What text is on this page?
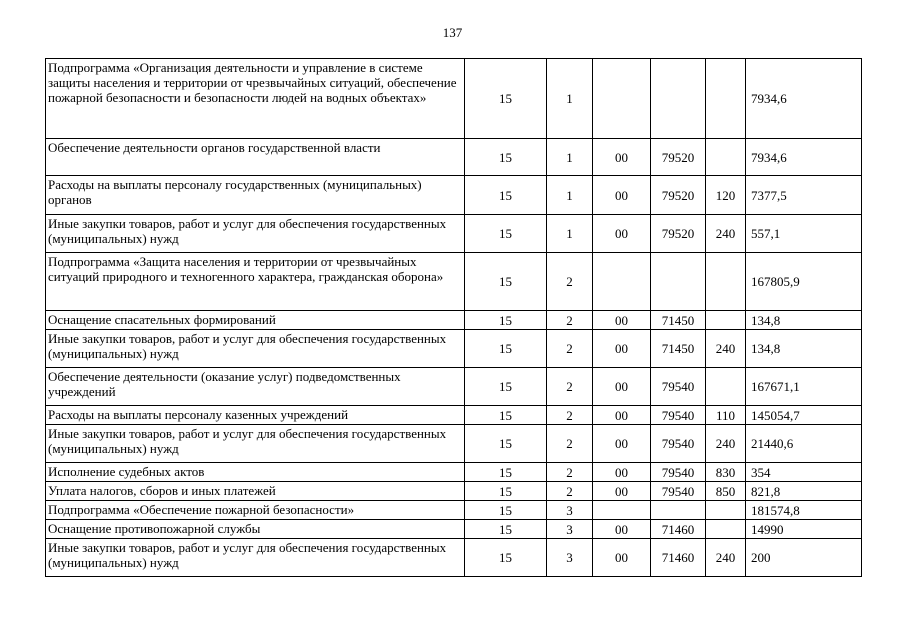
137
Подпрограмма «Организация деятельности и управление в системе защиты населения и территории от чрезвычайных ситуаций, обеспечение пожарной безопасности и безопасности людей на водных объектах»	15	1				7934,6
Обеспечение деятельности органов государственной власти	15	1	00	79520		7934,6
Расходы на выплаты персоналу государственных (муниципальных) органов	15	1	00	79520	120	7377,5
Иные закупки товаров, работ и услуг для обеспечения государственных (муниципальных) нужд	15	1	00	79520	240	557,1
Подпрограмма «Защита населения и территории от чрезвычайных ситуаций природного и техногенного характера, гражданская оборона»	15	2				167805,9
Оснащение спасательных формирований	15	2	00	71450		134,8
Иные закупки товаров, работ и услуг для обеспечения государственных (муниципальных) нужд	15	2	00	71450	240	134,8
Обеспечение деятельности (оказание услуг) подведомственных учреждений	15	2	00	79540		167671,1
Расходы на выплаты персоналу казенных учреждений	15	2	00	79540	110	145054,7
Иные закупки товаров, работ и услуг для обеспечения государственных (муниципальных) нужд	15	2	00	79540	240	21440,6
Исполнение судебных актов	15	2	00	79540	830	354
Уплата налогов, сборов и иных платежей	15	2	00	79540	850	821,8
Подпрограмма «Обеспечение пожарной безопасности»	15	3				181574,8
Оснащение противопожарной службы	15	3	00	71460		14990
Иные закупки товаров, работ и услуг для обеспечения государственных (муниципальных) нужд	15	3	00	71460	240	200
